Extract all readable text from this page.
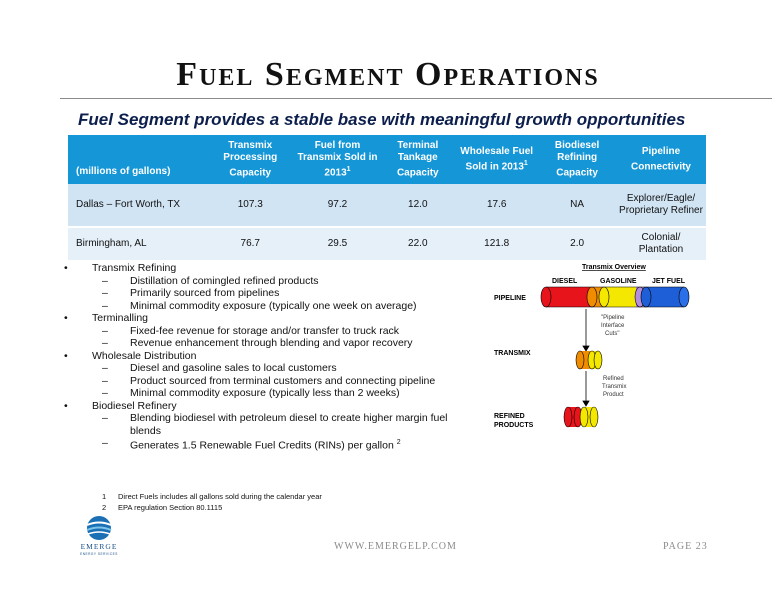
Fuel Segment Operations
Fuel Segment provides a stable base with meaningful growth opportunities
(millions of gallons)	Transmix Processing Capacity	Fuel from Transmix Sold in 2013$^1$	Terminal Tankage Capacity	Wholesale Fuel Sold in 2013$^1$	Biodiesel Refining Capacity	Pipeline Connectivity
Dallas – Fort Worth, TX	107.3	97.2	12.0	17.6	NA	Explorer/Eagle/ Proprietary Refiner
Birmingham, AL	76.7	29.5	22.0	121.8	2.0	Colonial/ Plantation
• Transmix Refining
– Distillation of comingled refined products
– Primarily sourced from pipelines
– Minimal commodity exposure (typically one week on average)
• Terminalling
– Fixed-fee revenue for storage and/or transfer to truck rack
– Revenue enhancement through blending and vapor recovery
• Wholesale Distribution
– Diesel and gasoline sales to local customers
– Product sourced from terminal customers and connecting pipeline
– Minimal commodity exposure (typically less than 2 weeks)
• Biodiesel Refinery
– Blending biodiesel with petroleum diesel to create higher margin fuel blends
– Generates 1.5 Renewable Fuel Credits (RINs) per gallon $^2$
Transmix Overview
DIESEL	GASOLINE JET FUEL
PIPELINE
"Pipeline
Interface
Cuts"
TRANSMIX
Refined
Transmix
Product
REFINED
PRODUCTS
1 Direct Fuels includes all gallons sold during the calendar year
2 EPA regulation Section 80.1115
EMERGE
ENERGY SERVICES
WWW.EMERGELP.COM	PAGE 23
